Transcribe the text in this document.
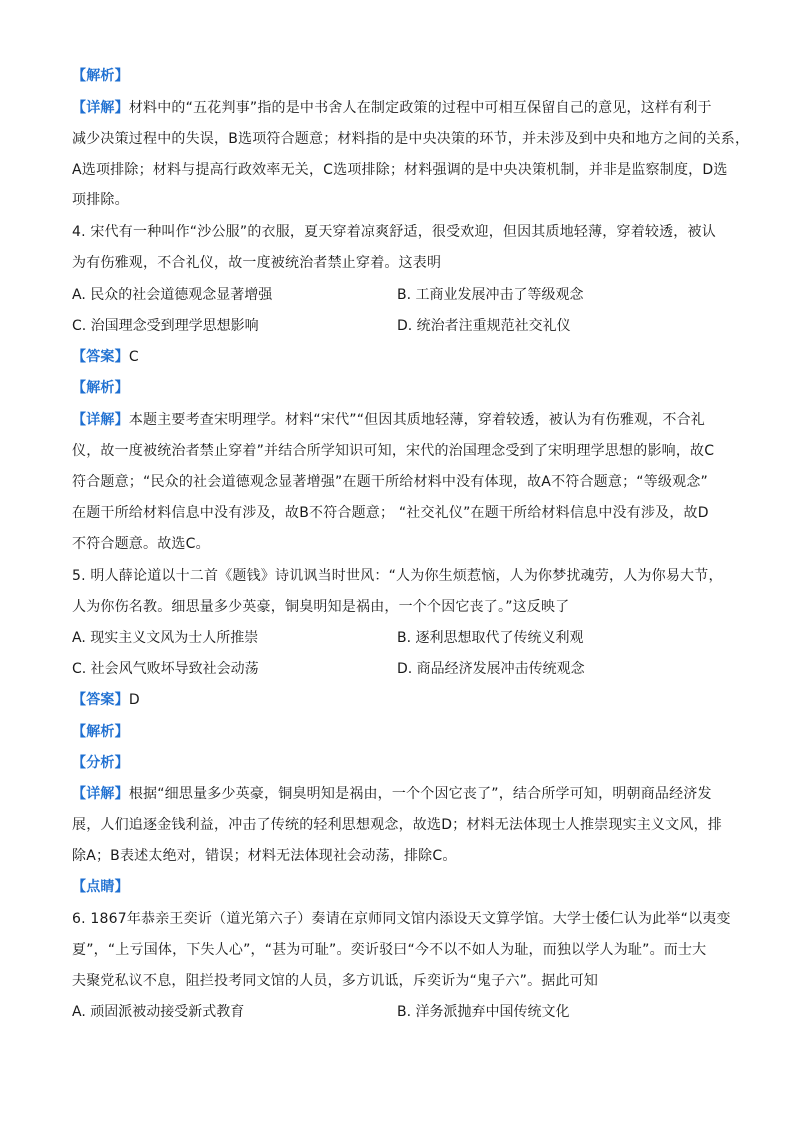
【解析】
【详解】材料中的“五花判事”指的是中书舍人在制定政策的过程中可相互保留自己的意见，这样有利于
减少决策过程中的失误，B选项符合题意；材料指的是中央决策的环节，并未涉及到中央和地方之间的关系，
A选项排除；材料与提高行政效率无关，C选项排除；材料强调的是中央决策机制，并非是监察制度，D选
项排除。
4. 宋代有一种叫作“沙公服”的衣服，夏天穿着凉爽舒适，很受欢迎，但因其质地轻薄，穿着较透，被认
为有伤雅观，不合礼仪，故一度被统治者禁止穿着。这表明
A. 民众的社会道德观念显著增强	B. 工商业发展冲击了等级观念
C. 治国理念受到理学思想影响	D. 统治者注重规范社交礼仪
【答案】C
【解析】
【详解】本题主要考查宋明理学。材料“宋代”“但因其质地轻薄，穿着较透，被认为有伤雅观，不合礼
仪，故一度被统治者禁止穿着”并结合所学知识可知，宋代的治国理念受到了宋明理学思想的影响，故C
符合题意；“民众的社会道德观念显著增强”在题干所给材料中没有体现，故A不符合题意；“等级观念”
在题干所给材料信息中没有涉及，故B不符合题意； “社交礼仪”在题干所给材料信息中没有涉及，故D
不符合题意。故选C。
5. 明人薛论道以十二首《题钱》诗讥讽当时世风：“人为你生烦惹恼，人为你梦扰魂劳，人为你易大节，
人为你伤名教。细思量多少英豪，铜臭明知是祸由，一个个因它丧了。”这反映了
A. 现实主义文风为士人所推崇	B. 逐利思想取代了传统义利观
C. 社会风气败坏导致社会动荡	D. 商品经济发展冲击传统观念
【答案】D
【解析】
【分析】
【详解】根据“细思量多少英豪，铜臭明知是祸由，一个个因它丧了”，结合所学可知，明朝商品经济发
展，人们追逐金钱利益，冲击了传统的轻利思想观念，故选D；材料无法体现士人推崇现实主义文风，排
除A；B表述太绝对，错误；材料无法体现社会动荡，排除C。
【点睛】
6. 1867年恭亲王奕䜣（道光第六子）奏请在京师同文馆内添设天文算学馆。大学士倭仁认为此举“以夷变
夏”，“上亏国体，下失人心”，“甚为可耻”。奕䜣驳曰“今不以不如人为耻，而独以学人为耻”。而士大
夫聚党私议不息，阻拦投考同文馆的人员，多方讥诋，斥奕䜣为“鬼子六”。据此可知
A. 顽固派被动接受新式教育	B. 洋务派抛弃中国传统文化
